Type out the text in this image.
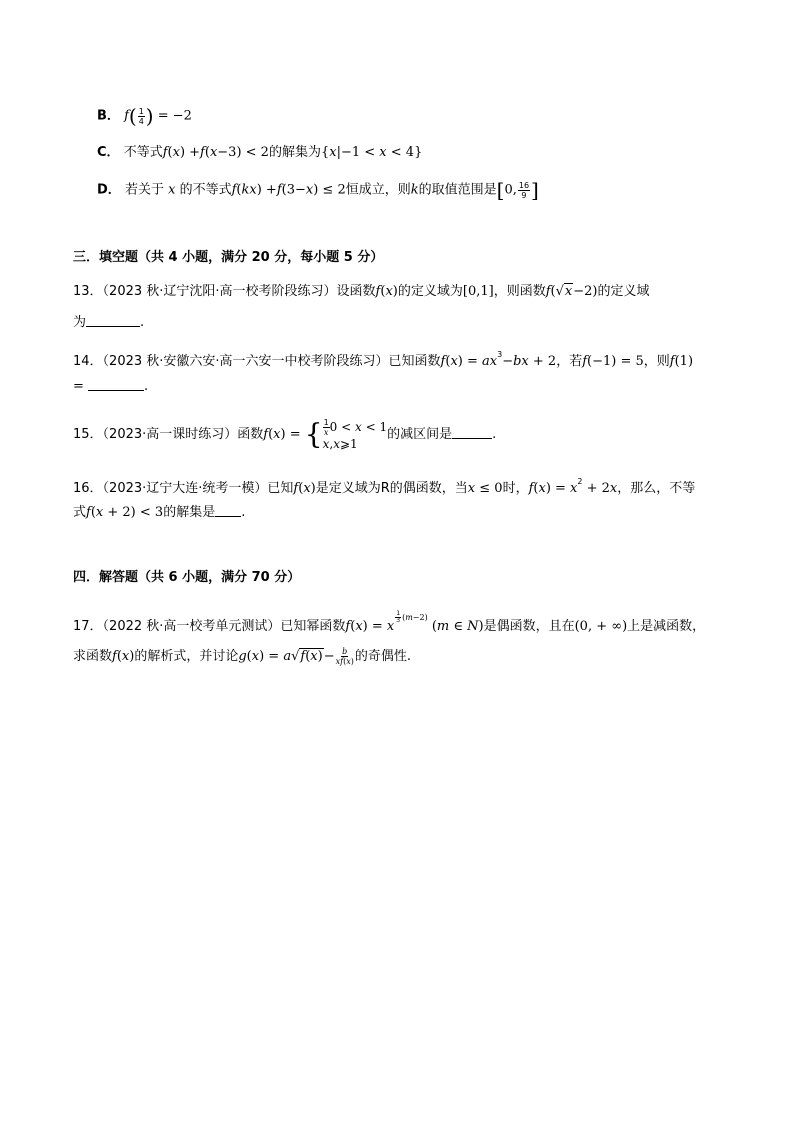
B． $f( \frac{1}{4}$ ) = −2
C． 不等式f(x) +f(x−3) < 2的解集为{x|−1 < x < 4}
D． 若关于 x 的不等式f(kx) +f(3−x) ≤ 2恒成立，则k的取值范围是[0, $\frac{16}{9}$ ]
三．填空题（共 4 小题，满分 20 分，每小题 5 分）
13．（2023 秋·辽宁沈阳·高一校考阶段练习）设函数f(x)的定义域为[0,1]，则函数f(√x−2)的定义域
为	.
14．（2023 秋·安徽六安·高一六安一中校考阶段练习）已知函数$f(x) = ax^3-bx + 2$，若f(−1) = 5，则f(1)
=	.
15．（2023·高一课时练习）函数f(x) = { $\frac{1}{x} 0 < x < 1$
x,x⩾1
的减区间是	.
16．（2023·辽宁大连·统考一模）已知f(x)是定义域为R的偶函数，当x ≤ 0时，$f(x) = x^2 + 2x$，那么，不等
式f(x + 2) < 3的解集是 .
四．解答题（共 6 小题，满分 70 分）
17．（2022 秋·高一校考单元测试）已知幂函数f(x) = x
$^{\frac{1}{3} (m-2)}$ (m ∈ N)是偶函数，且在(0, + ∞)上是减函数，
求函数f(x)的解析式，并讨论$g(x) = a√f(x)- \frac{b}{xf(x)}$ 的奇偶性.
